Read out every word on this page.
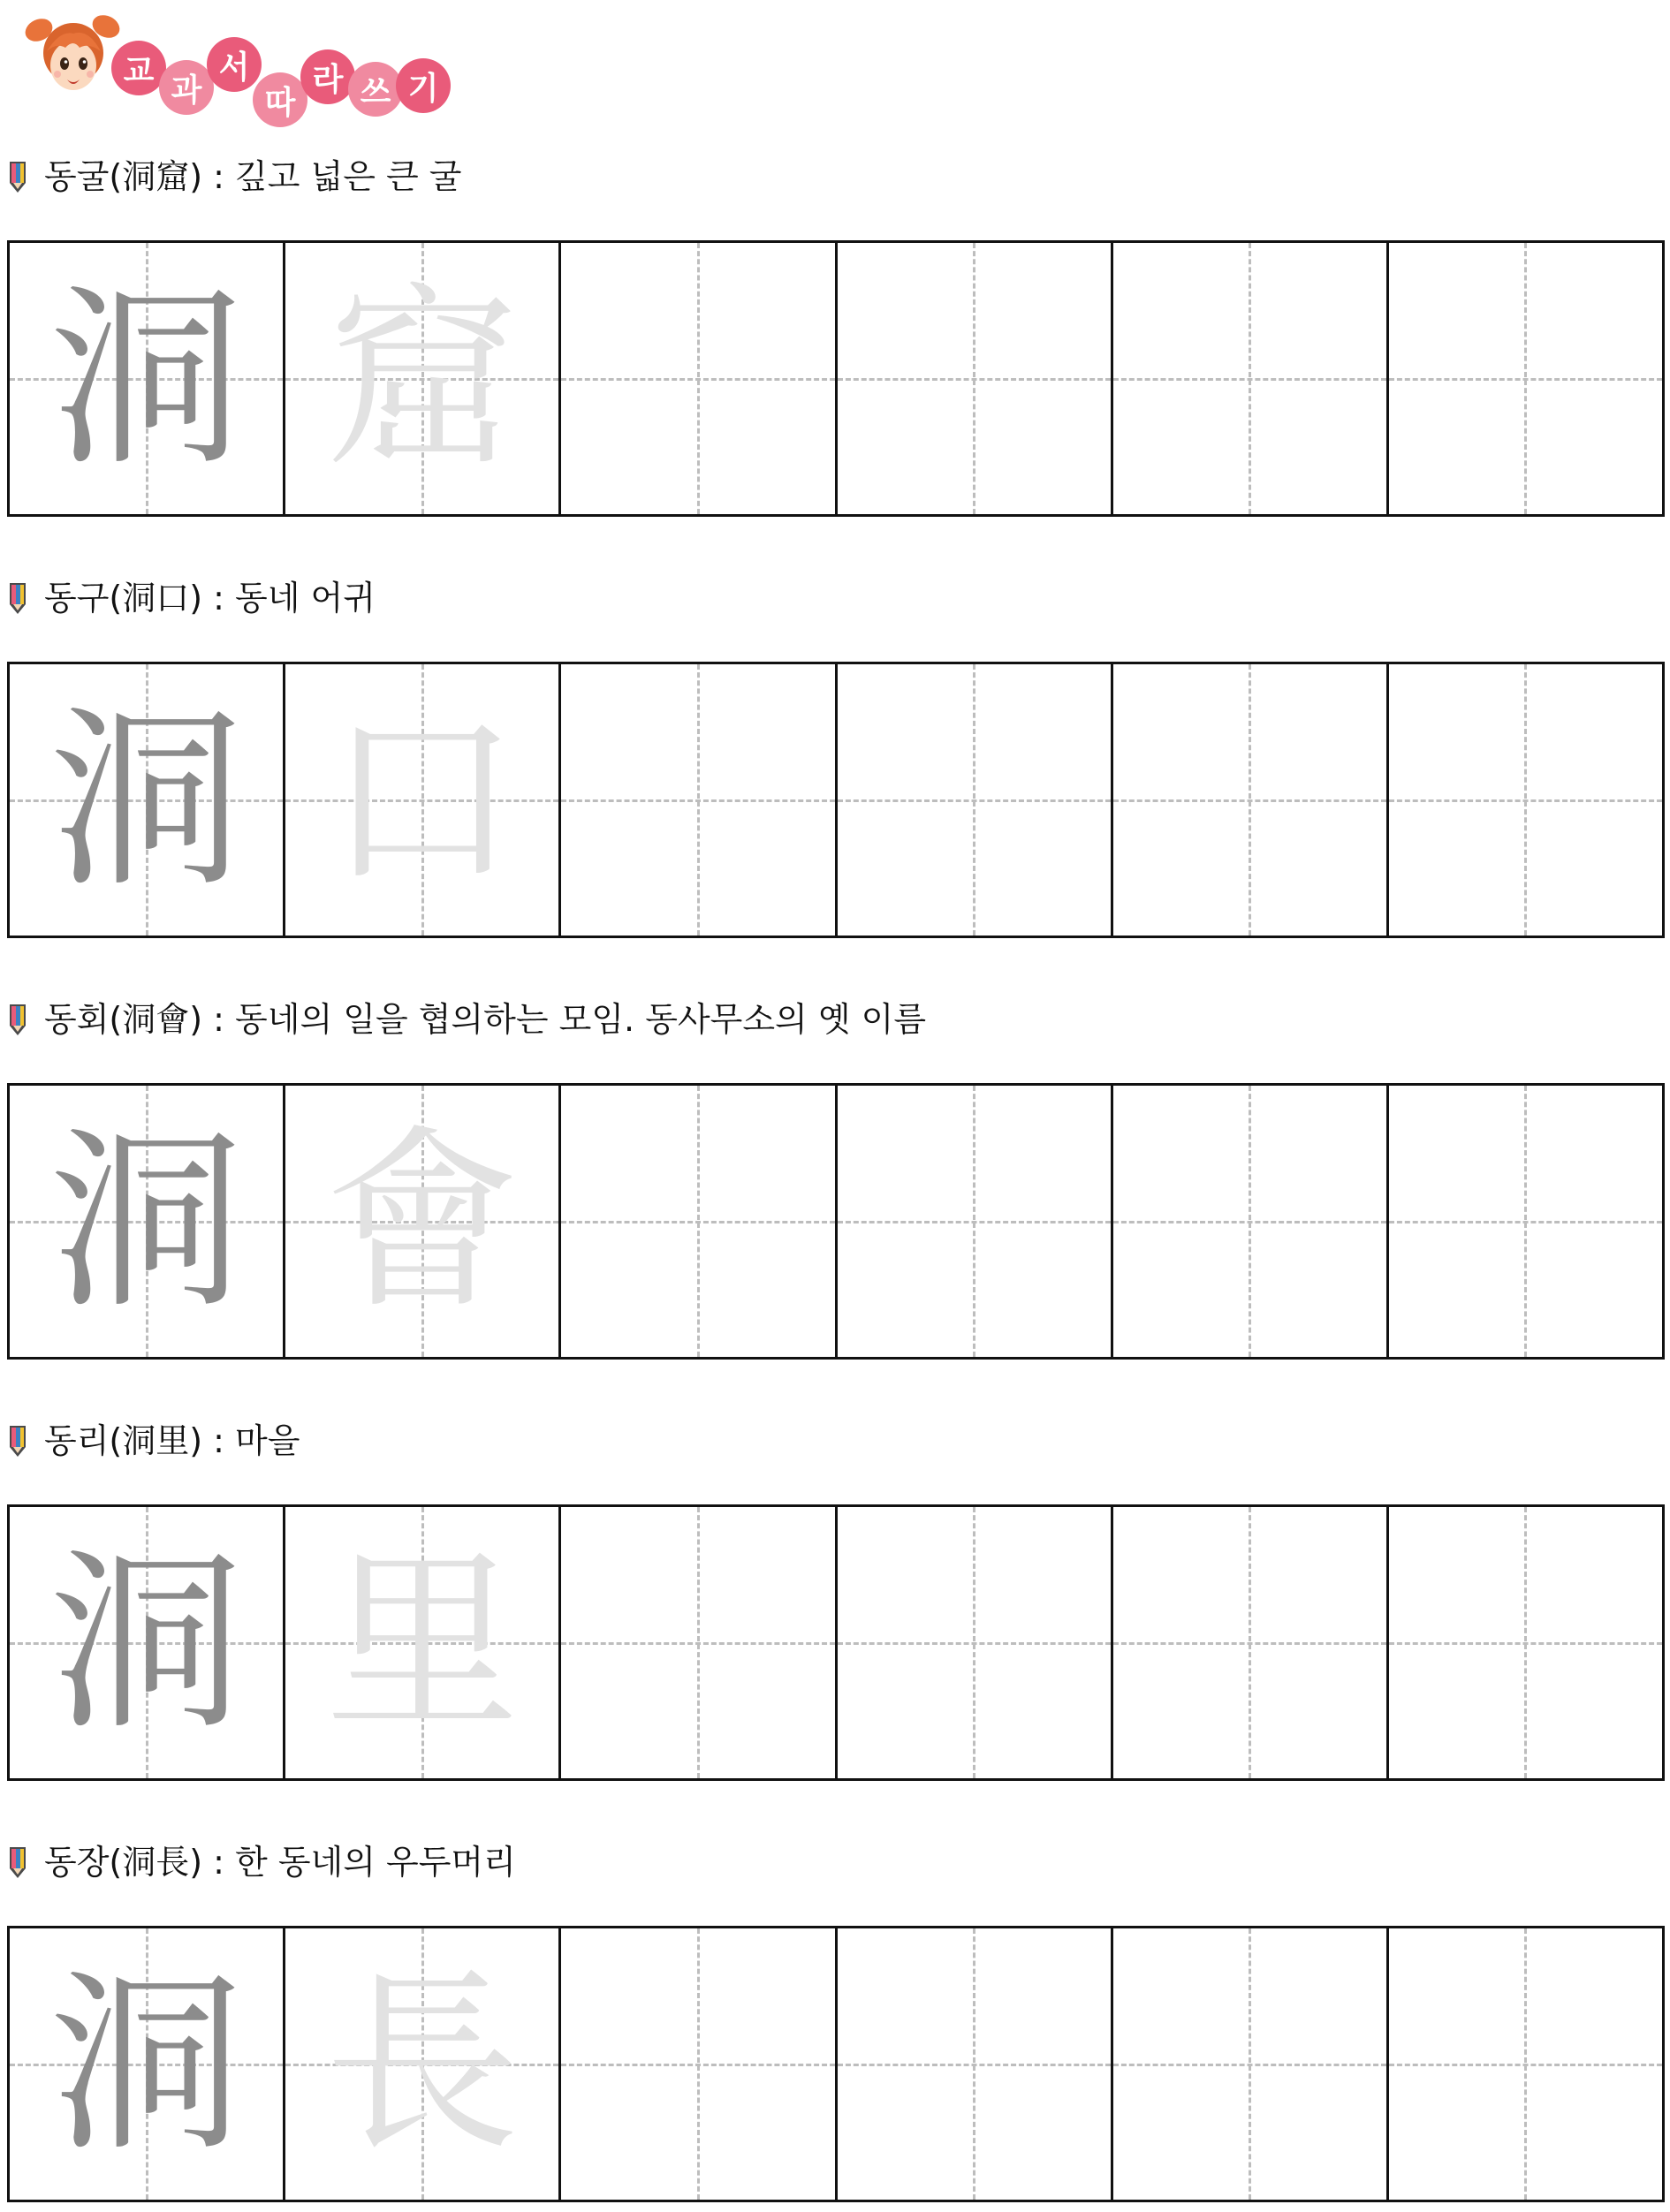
교
과
서
따
라 쓰 기
동굴(洞窟) : 깊고 넓은 큰 굴
洞 窟
동구(洞口) : 동네 어귀
洞 口
동회(洞會) : 동네의 일을 협의하는 모임. 동사무소의 옛 이름
洞 會
동리(洞里) : 마을
洞 里
동장(洞長) : 한 동네의 우두머리
洞 長
